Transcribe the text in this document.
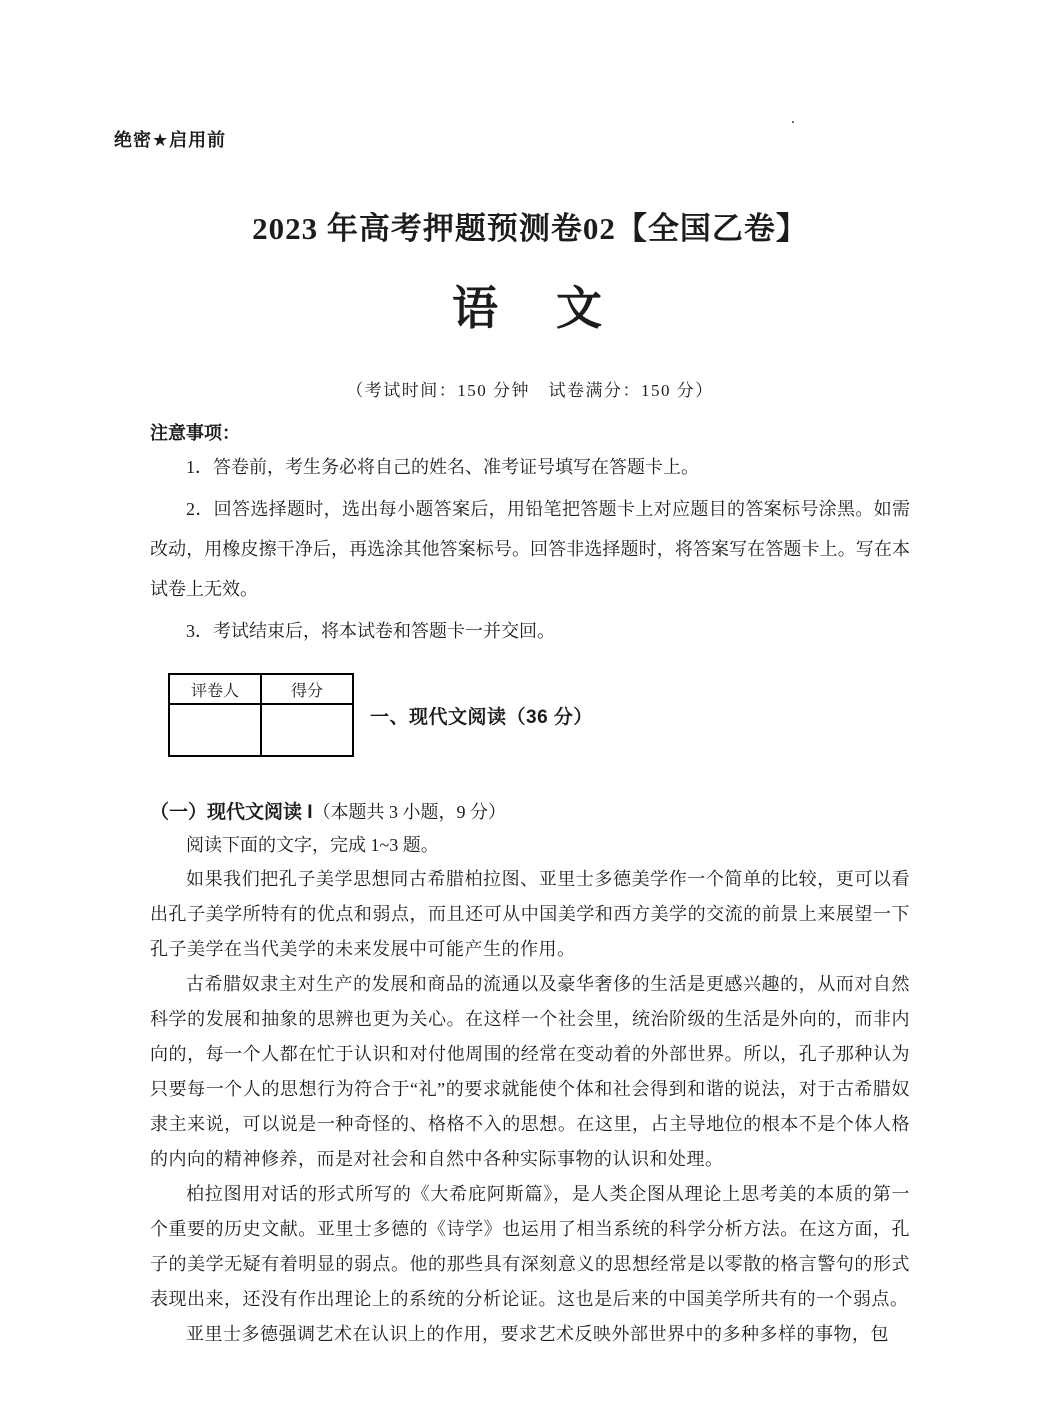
绝密★启用前
.
2023 年高考押题预测卷02【全国乙卷】
语　文
（考试时间：150 分钟　试卷满分：150 分）
注意事项：

1．答卷前，考生务必将自己的姓名、准考证号填写在答题卡上。

2．回答选择题时，选出每小题答案后，用铅笔把答题卡上对应题目的答案标号涂黑。如需改动，用橡皮擦干净后，再选涂其他答案标号。回答非选择题时，将答案写在答题卡上。写在本试卷上无效。

3．考试结束后，将本试卷和答题卡一并交回。

评卷人	得分

一、现代文阅读（36 分）
（一）现代文阅读 I（本题共 3 小题，9 分）

阅读下面的文字，完成 1~3 题。

如果我们把孔子美学思想同古希腊柏拉图、亚里士多德美学作一个简单的比较，更可以看出孔子美学所特有的优点和弱点，而且还可从中国美学和西方美学的交流的前景上来展望一下孔子美学在当代美学的未来发展中可能产生的作用。

古希腊奴隶主对生产的发展和商品的流通以及豪华奢侈的生活是更感兴趣的，从而对自然科学的发展和抽象的思辨也更为关心。在这样一个社会里，统治阶级的生活是外向的，而非内向的，每一个人都在忙于认识和对付他周围的经常在变动着的外部世界。所以，孔子那种认为只要每一个人的思想行为符合于“礼”的要求就能使个体和社会得到和谐的说法，对于古希腊奴隶主来说，可以说是一种奇怪的、格格不入的思想。在这里，占主导地位的根本不是个体人格的内向的精神修养，而是对社会和自然中各种实际事物的认识和处理。

柏拉图用对话的形式所写的《大希庇阿斯篇》，是人类企图从理论上思考美的本质的第一个重要的历史文献。亚里士多德的《诗学》也运用了相当系统的科学分析方法。在这方面，孔子的美学无疑有着明显的弱点。他的那些具有深刻意义的思想经常是以零散的格言警句的形式表现出来，还没有作出理论上的系统的分析论证。这也是后来的中国美学所共有的一个弱点。

亚里士多德强调艺术在认识上的作用，要求艺术反映外部世界中的多种多样的事物，包
